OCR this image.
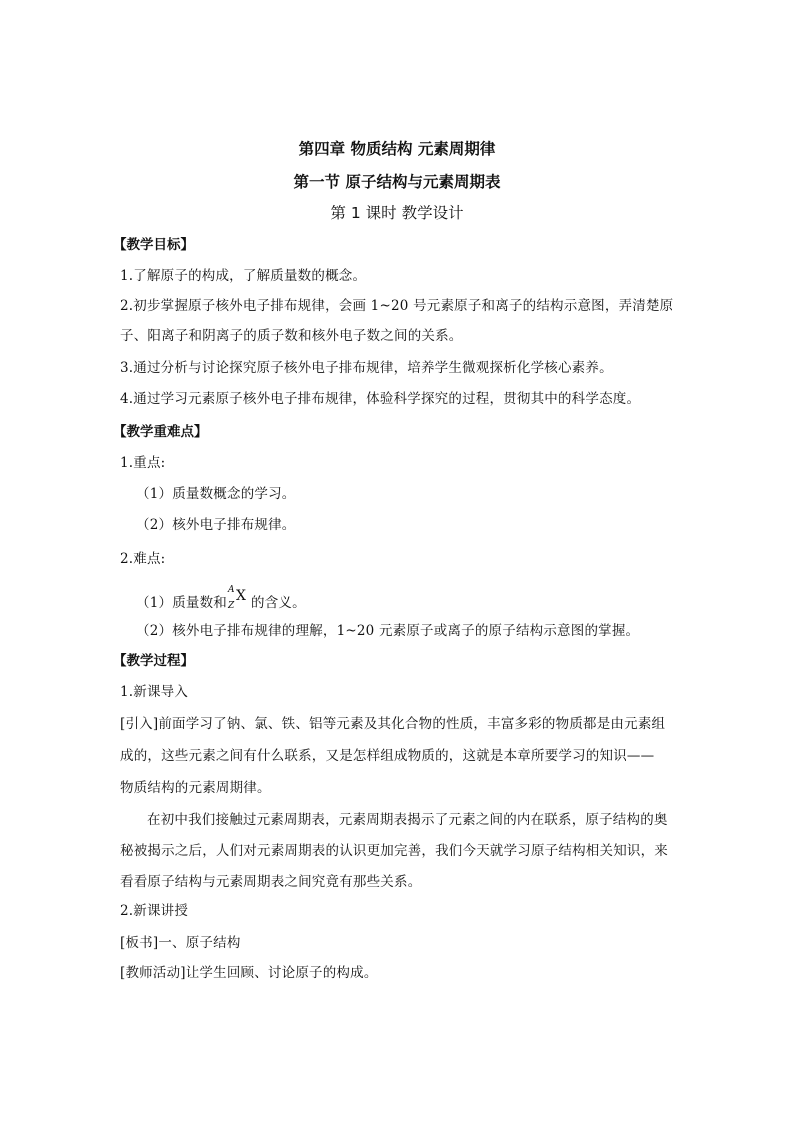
第四章 物质结构 元素周期律
第一节 原子结构与元素周期表
第 1 课时 教学设计
【教学目标】
1.了解原子的构成，了解质量数的概念。
2.初步掌握原子核外电子排布规律，会画 1~20 号元素原子和离子的结构示意图，弄清楚原
子、阳离子和阴离子的质子数和核外电子数之间的关系。
3.通过分析与讨论探究原子核外电子排布规律，培养学生微观探析化学核心素养。
4.通过学习元素原子核外电子排布规律，体验科学探究的过程，贯彻其中的科学态度。
【教学重难点】
1.重点:
（1）质量数概念的学习。
（2）核外电子排布规律。
2.难点:
（1）质量数和
A
Z
X 的含义。
（2）核外电子排布规律的理解，1~20 元素原子或离子的原子结构示意图的掌握。
【教学过程】
1.新课导入
[引入]前面学习了钠、氯、铁、铝等元素及其化合物的性质，丰富多彩的物质都是由元素组
成的，这些元素之间有什么联系，又是怎样组成物质的，这就是本章所要学习的知识——
物质结构的元素周期律。
在初中我们接触过元素周期表，元素周期表揭示了元素之间的内在联系，原子结构的奥
秘被揭示之后，人们对元素周期表的认识更加完善，我们今天就学习原子结构相关知识，来
看看原子结构与元素周期表之间究竟有那些关系。
2.新课讲授
[板书]一、原子结构
[教师活动]让学生回顾、讨论原子的构成。
